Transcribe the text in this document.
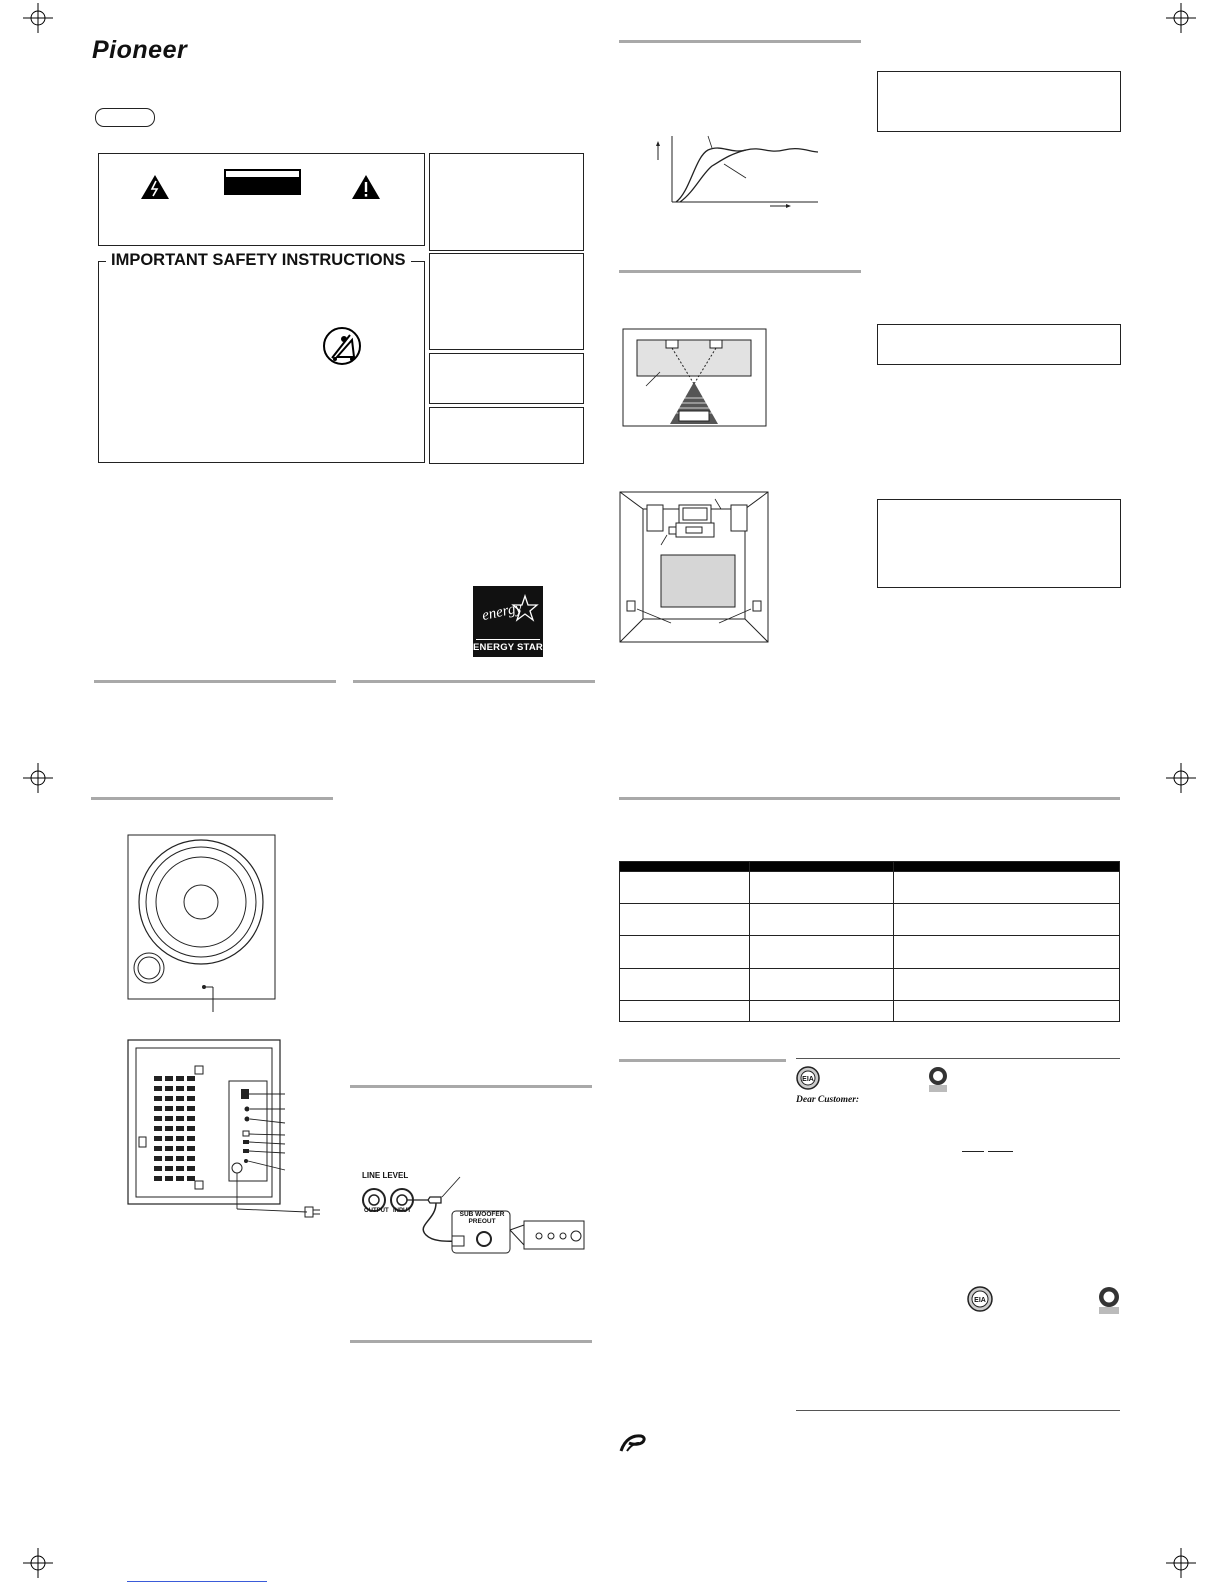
Pioneer
IMPORTANT SAFETY INSTRUCTIONS
energy
ENERGY STAR
LINE LEVEL
OUTPUT INPUT	SUB WOOFER
PREOUT

EIA
Dear Customer:
EIA
